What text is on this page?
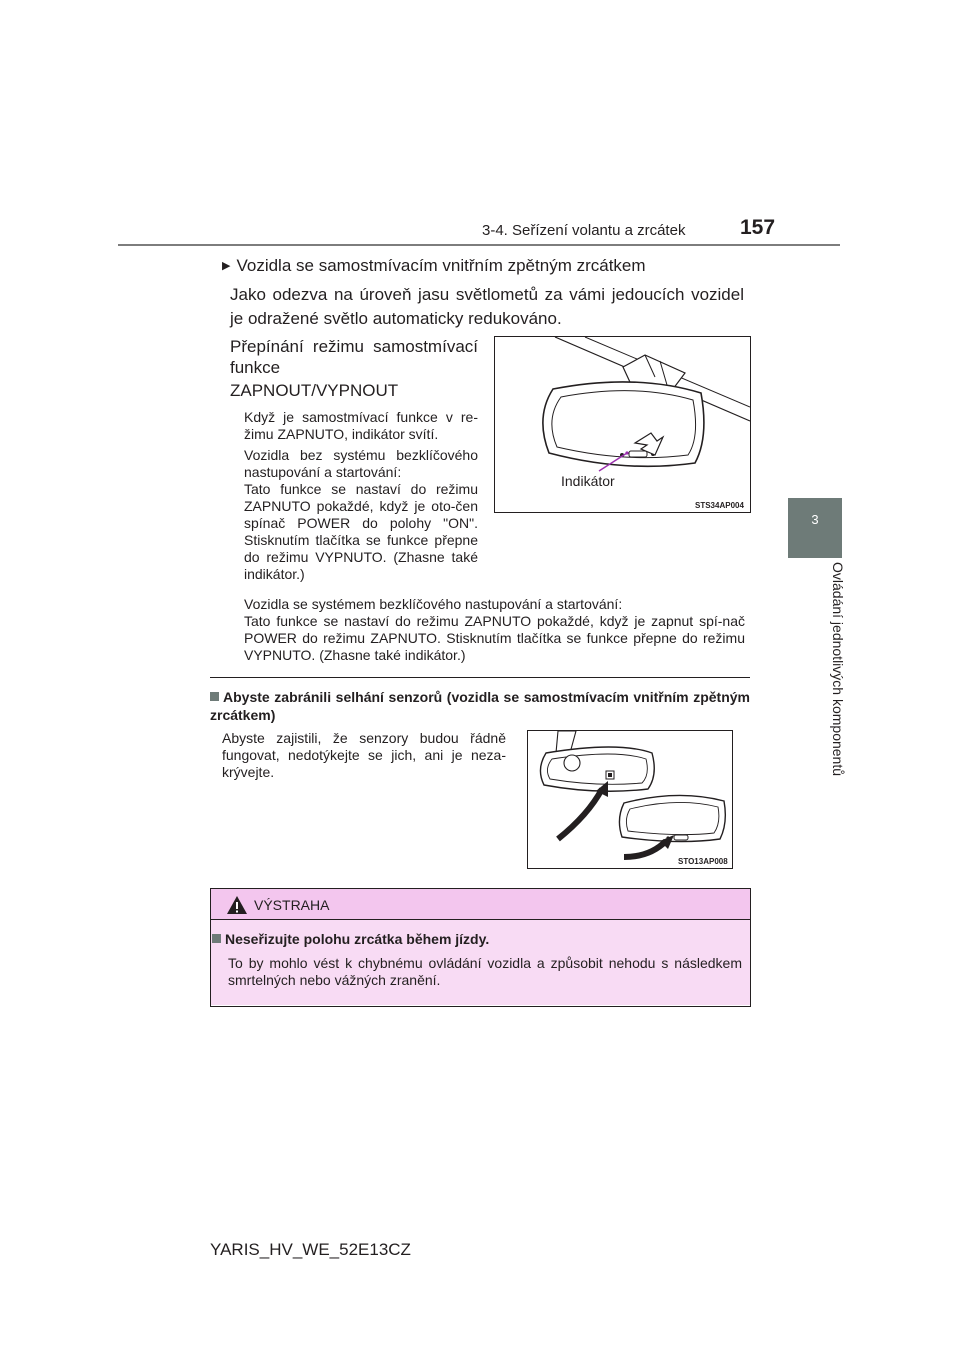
3-4. Seřízení volantu a zrcátek	157
3
Ovládání jednotlivých komponentů
▶ Vozidla se samostmívacím vnitřním zpětným zrcátkem
Jako odezva na úroveň jasu světlometů za vámi jedoucích vozidel je odražené světlo automaticky redukováno.
Přepínání režimu samostmívací
funkce
ZAPNOUT/VYPNOUT
Když je samostmívací funkce v re-žimu ZAPNUTO, indikátor svítí.
Vozidla bez systému bezklíčového nastupování a startování:
Tato funkce se nastaví do režimu ZAPNUTO pokaždé, když je oto-čen spínač POWER do polohy "ON". Stisknutím tlačítka se funkce přepne do režimu VYPNUTO. (Zhasne také indikátor.)
Vozidla se systémem bezklíčového nastupování a startování:
Tato funkce se nastaví do režimu ZAPNUTO pokaždé, když je zapnut spí-nač POWER do režimu ZAPNUTO. Stisknutím tlačítka se funkce přepne do režimu VYPNUTO. (Zhasne také indikátor.)
Indikátor
STS34AP004
Abyste zabránili selhání senzorů (vozidla se samostmívacím vnitřním zpětným zrcátkem)
Abyste zajistili, že senzory budou řádně fungovat, nedotýkejte se jich, ani je neza-krývejte.
STO13AP008
VÝSTRAHA
Neseřizujte polohu zrcátka během jízdy.
To by mohlo vést k chybnému ovládání vozidla a způsobit nehodu s následkem smrtelných nebo vážných zranění.
YARIS_HV_WE_52E13CZ
